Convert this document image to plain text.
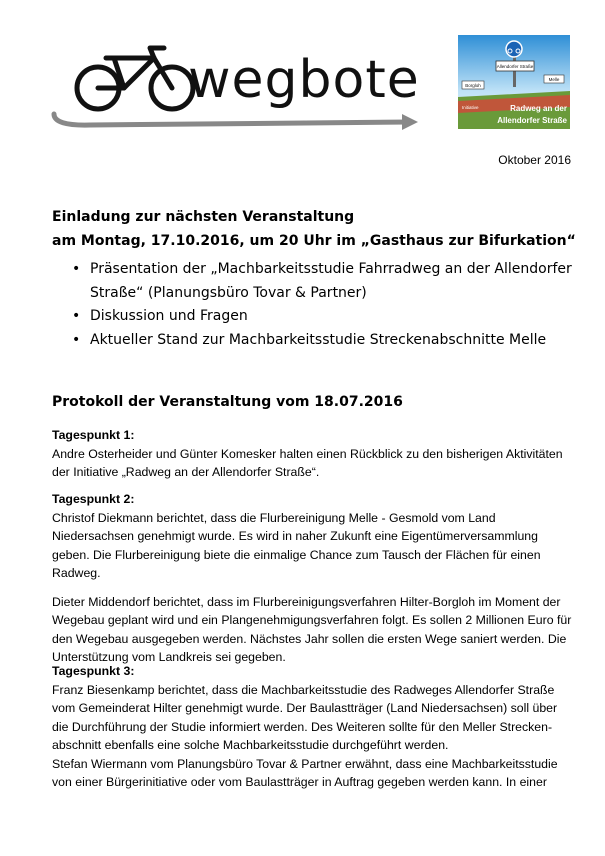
wegbote	Allendorfer Straße
Borgloh
Melle
Initiative	Radweg an der
Allendorfer Straße
Oktober 2016
Einladung zur nächsten Veranstaltung
am Montag, 17.10.2016, um 20 Uhr im „Gasthaus zur Bifurkation“
• Präsentation der „Machbarkeitsstudie Fahrradweg an der Allendorfer Straße“ (Planungsbüro Tovar & Partner)
• Diskussion und Fragen
• Aktueller Stand zur Machbarkeitsstudie Streckenabschnitte Melle
Protokoll der Veranstaltung vom 18.07.2016
Tagespunkt 1:

Andre Osterheider und Günter Komesker halten einen Rückblick zu den bisherigen Aktivitäten der Initiative „Radweg an der Allendorfer Straße“.

Tagespunkt 2:

Christof Diekmann berichtet, dass die Flurbereinigung Melle - Gesmold vom Land Niedersachsen genehmigt wurde. Es wird in naher Zukunft eine Eigentümerversammlung geben. Die Flurbereinigung biete die einmalige Chance zum Tausch der Flächen für einen Radweg.

Dieter Middendorf berichtet, dass im Flurbereinigungsverfahren Hilter-Borgloh im Moment der Wegebau geplant wird und ein Plangenehmigungsverfahren folgt. Es sollen 2 Millionen Euro für den Wegebau ausgegeben werden. Nächstes Jahr sollen die ersten Wege saniert werden. Die Unterstützung vom Landkreis sei gegeben.

Tagespunkt 3:

Franz Biesenkamp berichtet, dass die Machbarkeitsstudie des Radweges Allendorfer Straße vom Gemeinderat Hilter genehmigt wurde. Der Baulastträger (Land Niedersachsen) soll über die Durchführung der Studie informiert werden. Des Weiteren sollte für den Meller Strecken-abschnitt ebenfalls eine solche Machbarkeitsstudie durchgeführt werden.

Stefan Wiermann vom Planungsbüro Tovar & Partner erwähnt, dass eine Machbarkeitsstudie von einer Bürgerinitiative oder vom Baulastträger in Auftrag gegeben werden kann. In einer
